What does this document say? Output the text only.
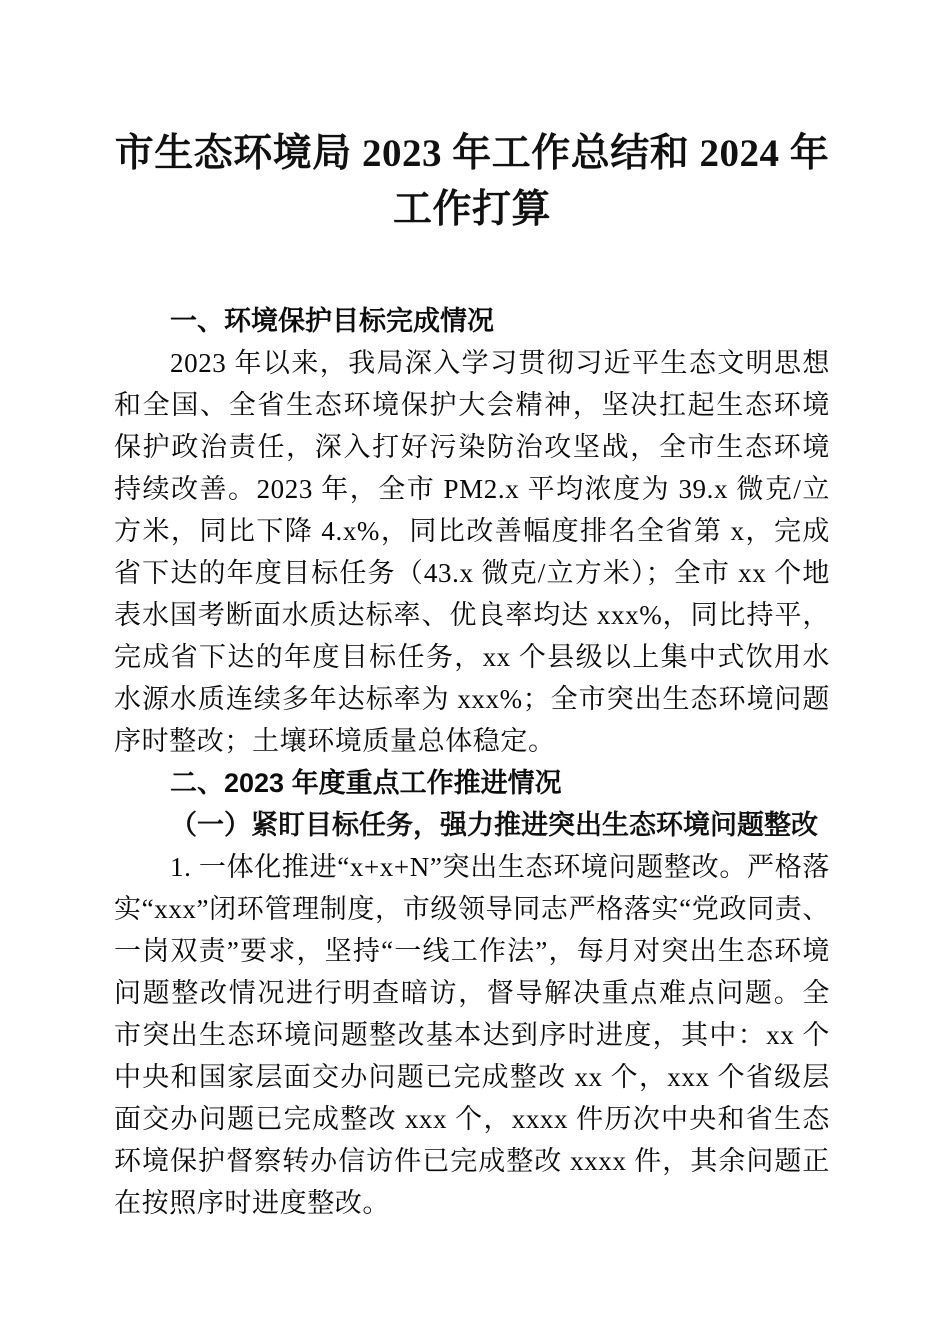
市生态环境局 2023 年工作总结和 2024 年工作打算
一、环境保护目标完成情况

2023 年以来，我局深入学习贯彻习近平生态文明思想和全国、全省生态环境保护大会精神，坚决扛起生态环境保护政治责任，深入打好污染防治攻坚战，全市生态环境持续改善。2023 年，全市 PM2.x 平均浓度为 39.x 微克/立方米，同比下降 4.x%，同比改善幅度排名全省第 x，完成省下达的年度目标任务（43.x 微克/立方米）；全市 xx 个地表水国考断面水质达标率、优良率均达 xxx%，同比持平，完成省下达的年度目标任务，xx 个县级以上集中式饮用水水源水质连续多年达标率为 xxx%；全市突出生态环境问题序时整改；土壤环境质量总体稳定。

二、2023 年度重点工作推进情况
（一）紧盯目标任务，强力推进突出生态环境问题整改

1. 一体化推进“x+x+N”突出生态环境问题整改。严格落实“xxx”闭环管理制度，市级领导同志严格落实“党政同责、一岗双责”要求，坚持“一线工作法”，每月对突出生态环境问题整改情况进行明查暗访，督导解决重点难点问题。全市突出生态环境问题整改基本达到序时进度，其中：xx 个中央和国家层面交办问题已完成整改 xx 个，xxx 个省级层面交办问题已完成整改 xxx 个，xxxx 件历次中央和省生态环境保护督察转办信访件已完成整改 xxxx 件，其余问题正在按照序时进度整改。
